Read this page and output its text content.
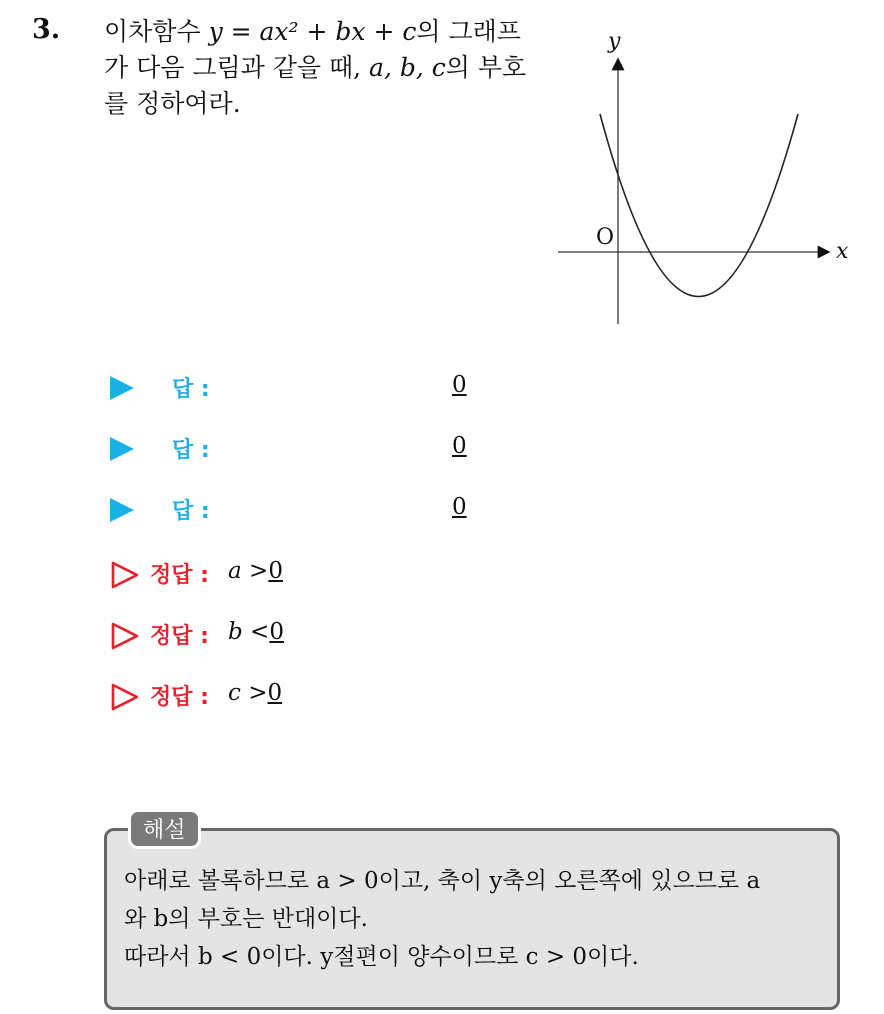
3. 이차함수 y = ax² + bx + c의 그래프가 다음 그림과 같을 때, a, b, c의 부호를 정하여라.
y
x
O
답 :	0
답 :	0
답 :	0
정답 : a >0
정답 : b <0
정답 : c >0
해설
아래로 볼록하므로 a > 0이고, 축이 y축의 오른쪽에 있으므로 a
와 b의 부호는 반대이다.
따라서 b < 0이다. y절편이 양수이므로 c > 0이다.
